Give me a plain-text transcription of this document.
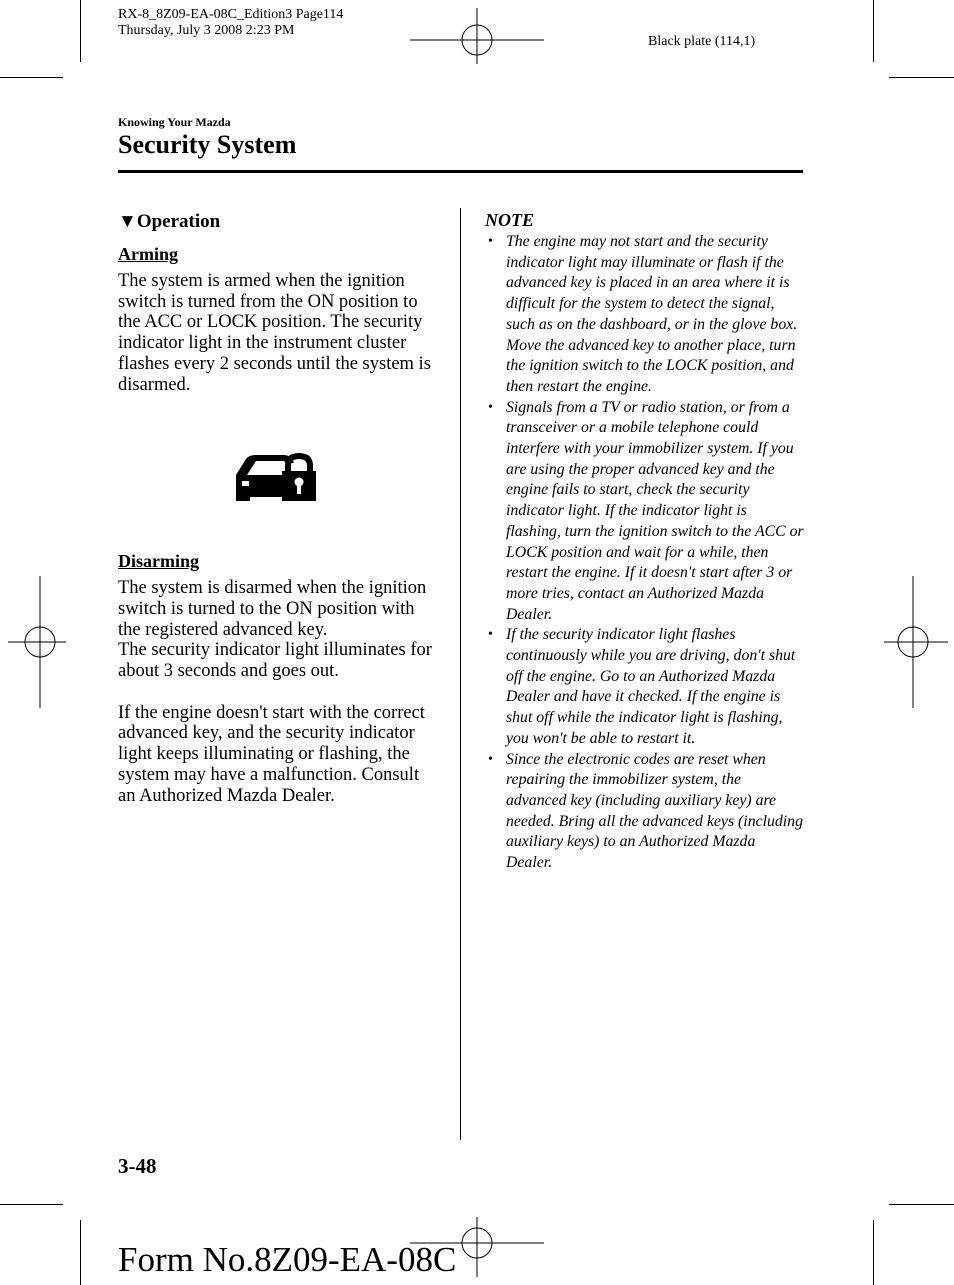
RX-8_8Z09-EA-08C_Edition3 Page114
Thursday, July 3 2008 2:23 PM
Black plate (114,1)
Knowing Your Mazda
Security System
▼Operation
Arming
The system is armed when the ignition switch is turned from the ON position to the ACC or LOCK position. The security indicator light in the instrument cluster flashes every 2 seconds until the system is disarmed.
Disarming
The system is disarmed when the ignition switch is turned to the ON position with the registered advanced key.
The security indicator light illuminates for about 3 seconds and goes out.
If the engine doesn't start with the correct advanced key, and the security indicator light keeps illuminating or flashing, the system may have a malfunction. Consult an Authorized Mazda Dealer.
NOTE
• The engine may not start and the security indicator light may illuminate or flash if the advanced key is placed in an area where it is difficult for the system to detect the signal, such as on the dashboard, or in the glove box. Move the advanced key to another place, turn the ignition switch to the LOCK position, and then restart the engine.
• Signals from a TV or radio station, or from a transceiver or a mobile telephone could interfere with your immobilizer system. If you are using the proper advanced key and the engine fails to start, check the security indicator light. If the indicator light is flashing, turn the ignition switch to the ACC or LOCK position and wait for a while, then restart the engine. If it doesn't start after 3 or more tries, contact an Authorized Mazda Dealer.
• If the security indicator light flashes continuously while you are driving, don't shut off the engine. Go to an Authorized Mazda Dealer and have it checked. If the engine is shut off while the indicator light is flashing, you won't be able to restart it.
• Since the electronic codes are reset when repairing the immobilizer system, the advanced key (including auxiliary key) are needed. Bring all the advanced keys (including auxiliary keys) to an Authorized Mazda Dealer.
3-48
Form No.8Z09-EA-08C
